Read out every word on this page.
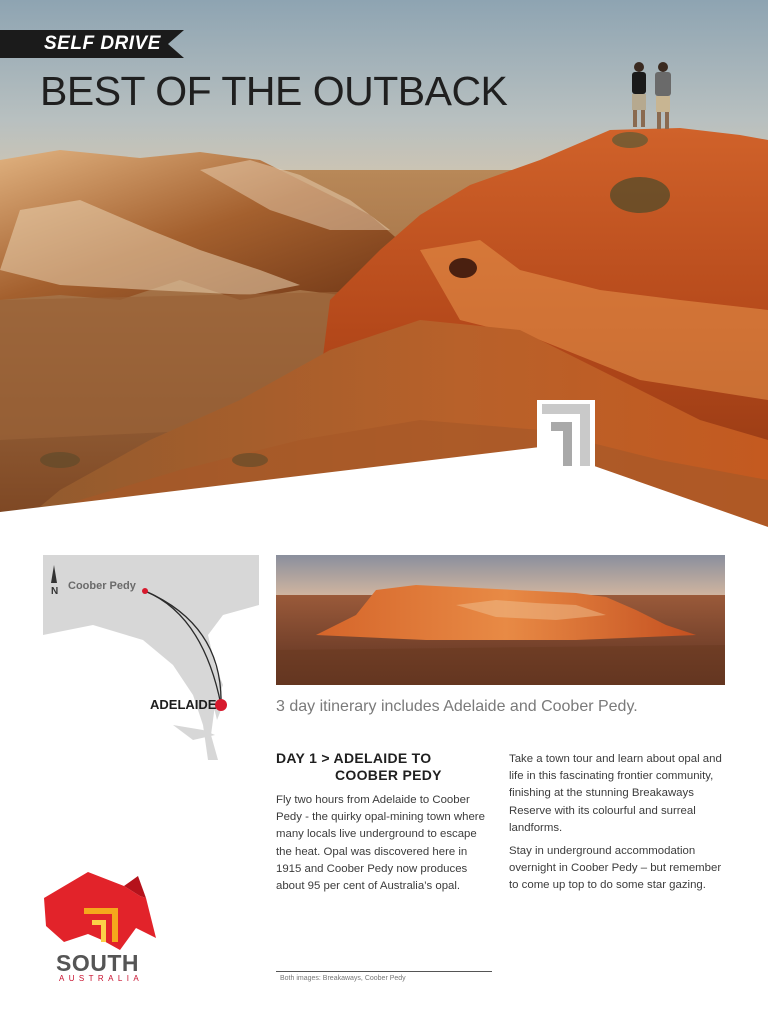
SELF DRIVE
BEST OF THE OUTBACK
N Coober Pedy
ADELAIDE	3 day itinerary includes Adelaide and Coober Pedy.
DAY 1 > ADELAIDE TO
COOBER PEDY
Fly two hours from Adelaide to Coober Pedy - the quirky opal-mining town where many locals live underground to escape the heat. Opal was discovered here in 1915 and Coober Pedy now produces about 95 per cent of Australia’s opal.
Take a town tour and learn about opal and life in this fascinating frontier community, finishing at the stunning Breakaways Reserve with its colourful and surreal landforms.
Stay in underground accommodation overnight in Coober Pedy – but remember to come up top to do some star gazing.
Both images: Breakaways, Coober Pedy
SOUTH
AUSTRALIA
